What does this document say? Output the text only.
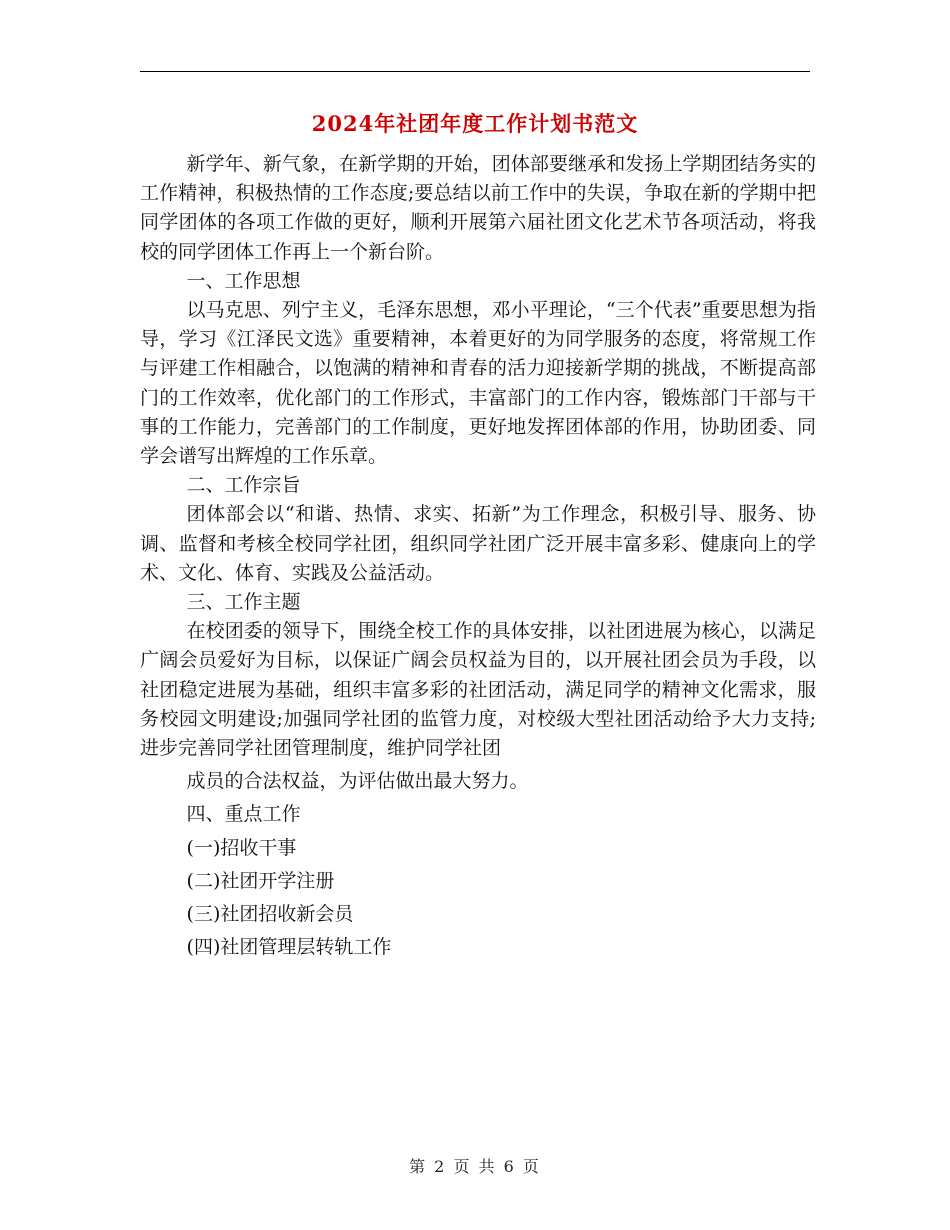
2024年社团年度工作计划书范文

新学年、新气象，在新学期的开始，团体部要继承和发扬上学期团结务实的工作精神，积极热情的工作态度;要总结以前工作中的失误，争取在新的学期中把同学团体的各项工作做的更好，顺利开展第六届社团文化艺术节各项活动，将我校的同学团体工作再上一个新台阶。

一、工作思想

以马克思、列宁主义，毛泽东思想，邓小平理论，“三个代表”重要思想为指导，学习《江泽民文选》重要精神，本着更好的为同学服务的态度，将常规工作与评建工作相融合，以饱满的精神和青春的活力迎接新学期的挑战，不断提高部门的工作效率，优化部门的工作形式，丰富部门的工作内容，锻炼部门干部与干事的工作能力，完善部门的工作制度，更好地发挥团体部的作用，协助团委、同学会谱写出辉煌的工作乐章。

二、工作宗旨

团体部会以“和谐、热情、求实、拓新”为工作理念，积极引导、服务、协调、监督和考核全校同学社团，组织同学社团广泛开展丰富多彩、健康向上的学术、文化、体育、实践及公益活动。

三、工作主题

在校团委的领导下，围绕全校工作的具体安排，以社团进展为核心，以满足广阔会员爱好为目标，以保证广阔会员权益为目的，以开展社团会员为手段，以社团稳定进展为基础，组织丰富多彩的社团活动，满足同学的精神文化需求，服务校园文明建设;加强同学社团的监管力度，对校级大型社团活动给予大力支持;进步完善同学社团管理制度，维护同学社团

成员的合法权益，为评估做出最大努力。

四、重点工作

(一)招收干事

(二)社团开学注册

(三)社团招收新会员

(四)社团管理层转轨工作

第 2 页 共 6 页
